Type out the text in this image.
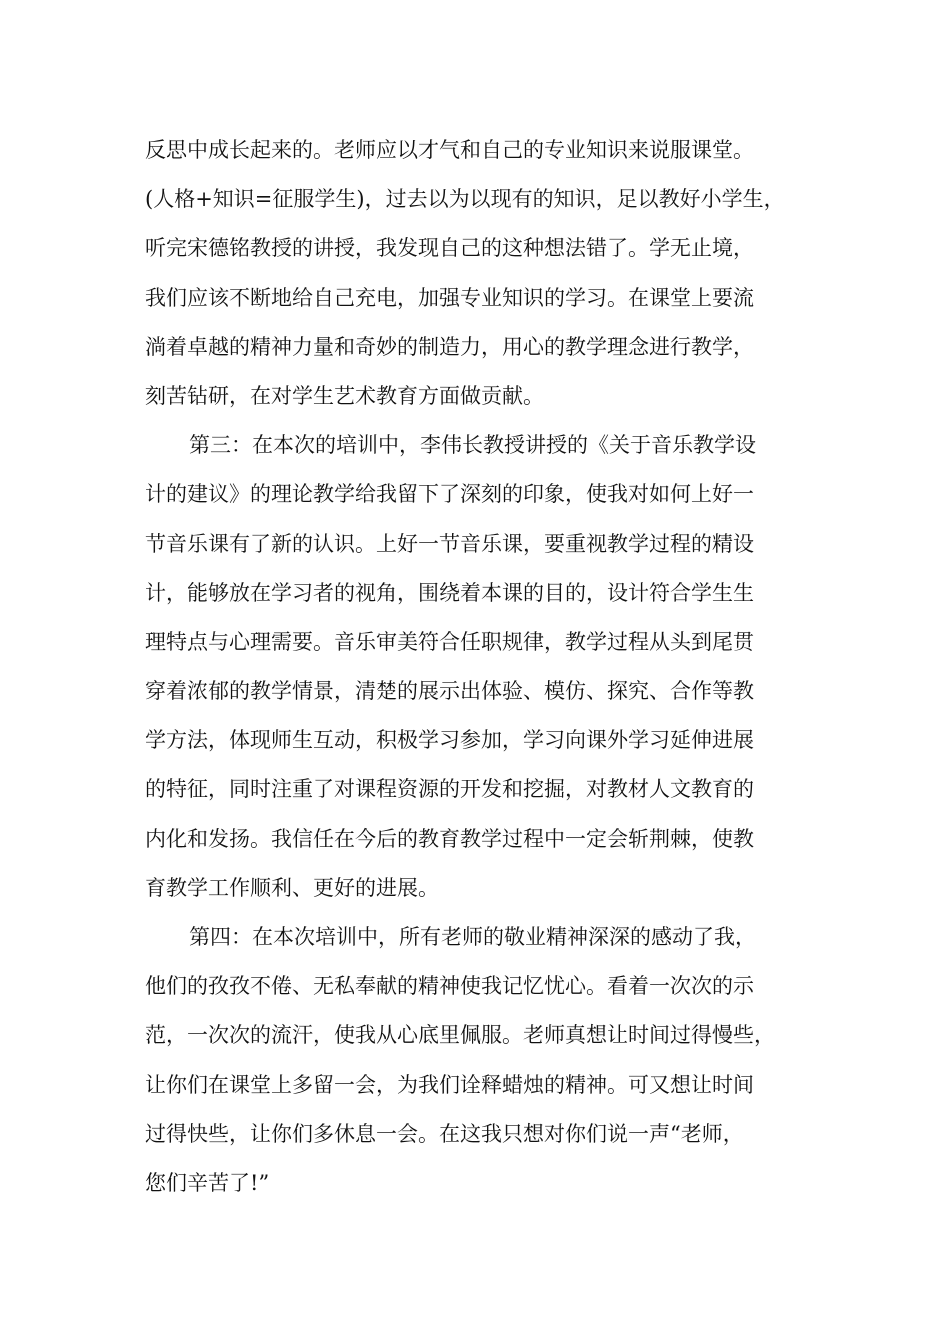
反思中成长起来的。老师应以才气和自己的专业知识来说服课堂。
(人格+知识=征服学生)，过去以为以现有的知识，足以教好小学生，
听完宋德铭教授的讲授，我发现自己的这种想法错了。学无止境，
我们应该不断地给自己充电，加强专业知识的学习。在课堂上要流
淌着卓越的精神力量和奇妙的制造力，用心的教学理念进行教学，
刻苦钻研，在对学生艺术教育方面做贡献。
第三：在本次的培训中，李伟长教授讲授的《关于音乐教学设
计的建议》的理论教学给我留下了深刻的印象，使我对如何上好一
节音乐课有了新的认识。上好一节音乐课，要重视教学过程的精设
计，能够放在学习者的视角，围绕着本课的目的，设计符合学生生
理特点与心理需要。音乐审美符合任职规律，教学过程从头到尾贯
穿着浓郁的教学情景，清楚的展示出体验、模仿、探究、合作等教
学方法，体现师生互动，积极学习参加，学习向课外学习延伸进展
的特征，同时注重了对课程资源的开发和挖掘，对教材人文教育的
内化和发扬。我信任在今后的教育教学过程中一定会斩荆棘，使教
育教学工作顺利、更好的进展。
第四：在本次培训中，所有老师的敬业精神深深的感动了我，
他们的孜孜不倦、无私奉献的精神使我记忆忧心。看着一次次的示
范，一次次的流汗，使我从心底里佩服。老师真想让时间过得慢些，
让你们在课堂上多留一会，为我们诠释蜡烛的精神。可又想让时间
过得快些，让你们多休息一会。在这我只想对你们说一声“老师，
您们辛苦了!”
